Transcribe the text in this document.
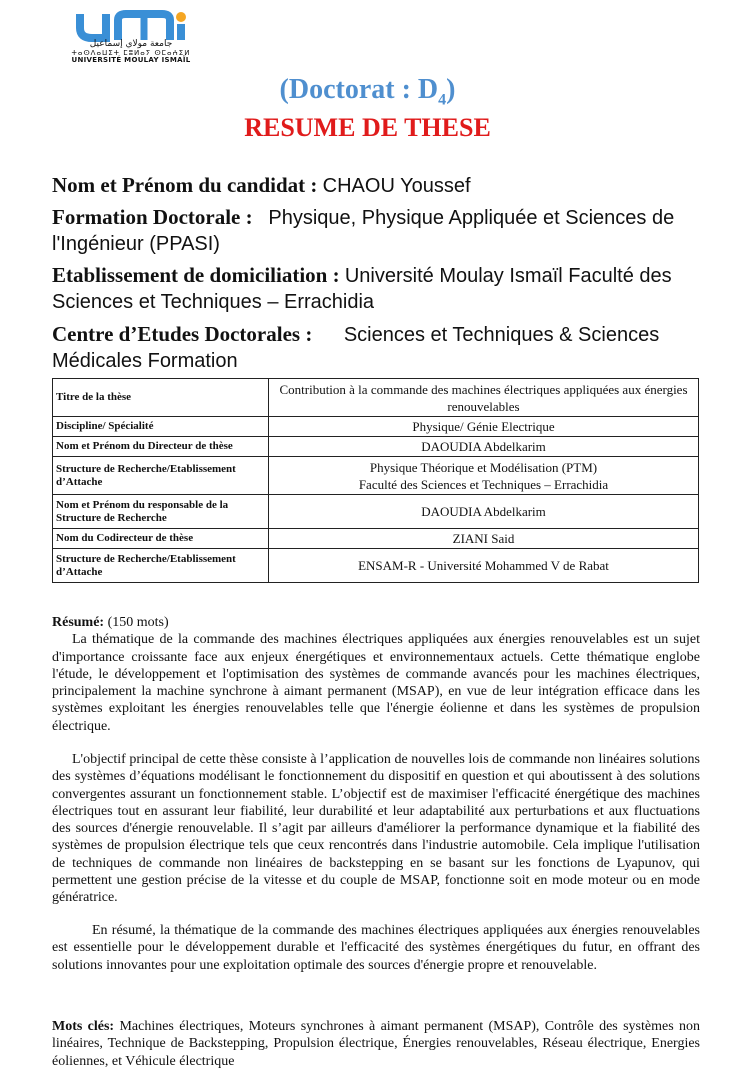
جامعة مولاي إسماعيل
ⵜⴰⵙⴷⴰⵡⵉⵜ ⵎⵓⵍⴰⵢ ⵙⵎⴰⵄⵉⵍ
UNIVERSITÉ MOULAY ISMAÏL
(Doctorat : $D_4$)
RESUME DE THESE
Nom et Prénom du candidat : CHAOU Youssef
Formation Doctorale : Physique, Physique Appliquée et Sciences de l'Ingénieur (PPASI)
Etablissement de domiciliation : Université Moulay Ismaïl Faculté des Sciences et Techniques – Errachidia
Centre d’Etudes Doctorales : Sciences et Techniques & Sciences Médicales Formation
Titre de la thèse	Contribution à la commande des machines électriques appliquées aux énergies renouvelables
Discipline/ Spécialité	Physique/ Génie Electrique
Nom et Prénom du Directeur de thèse	DAOUDIA Abdelkarim
Structure de Recherche/Etablissement d’Attache	Physique Théorique et Modélisation (PTM)
Faculté des Sciences et Techniques – Errachidia
Nom et Prénom du responsable de la Structure de Recherche	DAOUDIA Abdelkarim
Nom du Codirecteur de thèse	ZIANI Said
Structure de Recherche/Etablissement d’Attache	ENSAM-R - Université Mohammed V de Rabat

Résumé: (150 mots)

La thématique de la commande des machines électriques appliquées aux énergies renouvelables est un sujet d'importance croissante face aux enjeux énergétiques et environnementaux actuels. Cette thématique englobe l'étude, le développement et l'optimisation des systèmes de commande avancés pour les machines électriques, principalement la machine synchrone à aimant permanent (MSAP), en vue de leur intégration efficace dans les systèmes exploitant les énergies renouvelables telle que l'énergie éolienne et dans les systèmes de propulsion électrique.

L'objectif principal de cette thèse consiste à l’application de nouvelles lois de commande non linéaires solutions des systèmes d’équations modélisant le fonctionnement du dispositif en question et qui aboutissent à des solutions convergentes assurant un fonctionnement stable. L’objectif est de maximiser l'efficacité énergétique des machines électriques tout en assurant leur fiabilité, leur durabilité et leur adaptabilité aux perturbations et aux fluctuations des sources d'énergie renouvelable. Il s’agit par ailleurs d'améliorer la performance dynamique et la fiabilité des systèmes de propulsion électrique tels que ceux rencontrés dans l'industrie automobile. Cela implique l'utilisation de techniques de commande non linéaires de backstepping en se basant sur les fonctions de Lyapunov, qui permettent une gestion précise de la vitesse et du couple de MSAP, fonctionne soit en mode moteur ou en mode génératrice.

En résumé, la thématique de la commande des machines électriques appliquées aux énergies renouvelables est essentielle pour le développement durable et l'efficacité des systèmes énergétiques du futur, en offrant des solutions innovantes pour une exploitation optimale des sources d'énergie propre et renouvelable.

Mots clés: Machines électriques, Moteurs synchrones à aimant permanent (MSAP), Contrôle des systèmes non linéaires, Technique de Backstepping, Propulsion électrique, Énergies renouvelables, Réseau électrique, Energies éoliennes, et Véhicule électrique
